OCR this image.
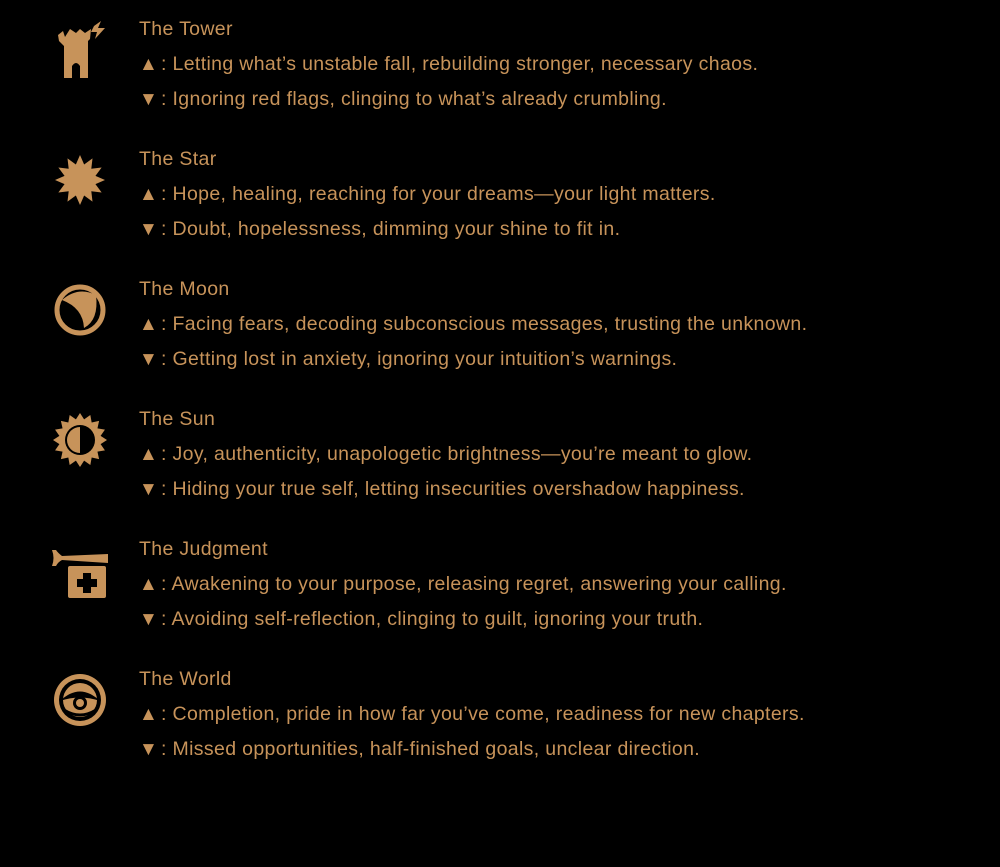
The Tower

▲ : Letting what’s unstable fall, rebuilding stronger, necessary chaos.

▼ : Ignoring red flags, clinging to what’s already crumbling.

The Star

▲ : Hope, healing, reaching for your dreams—your light matters.

▼ : Doubt, hopelessness, dimming your shine to fit in.

The Moon

▲ : Facing fears, decoding subconscious messages, trusting the unknown.

▼ : Getting lost in anxiety, ignoring your intuition’s warnings.

The Sun

▲ : Joy, authenticity, unapologetic brightness—you’re meant to glow.

▼ : Hiding your true self, letting insecurities overshadow happiness.

The Judgment

▲ : Awakening to your purpose, releasing regret, answering your calling.

▼ : Avoiding self-reflection, clinging to guilt, ignoring your truth.

The World

▲ : Completion, pride in how far you’ve come, readiness for new chapters.

▼ : Missed opportunities, half-finished goals, unclear direction.
